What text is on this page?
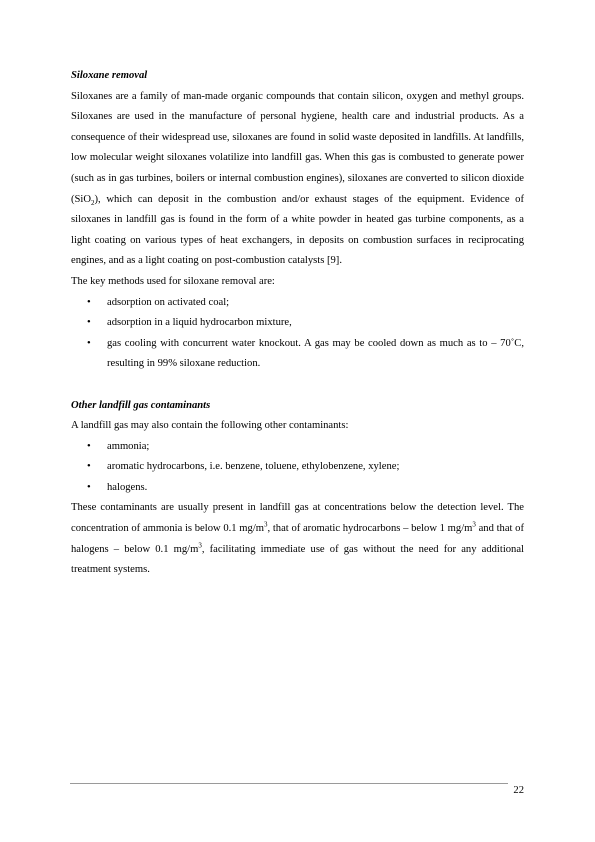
Siloxane removal

Siloxanes are a family of man-made organic compounds that contain silicon, oxygen and methyl groups. Siloxanes are used in the manufacture of personal hygiene, health care and industrial products. As a consequence of their widespread use, siloxanes are found in solid waste deposited in landfills. At landfills, low molecular weight siloxanes volatilize into landfill gas. When this gas is combusted to generate power (such as in gas turbines, boilers or internal combustion engines), siloxanes are converted to silicon dioxide (SiO$_2$), which can deposit in the combustion and/or exhaust stages of the equipment. Evidence of siloxanes in landfill gas is found in the form of a white powder in heated gas turbine components, as a light coating on various types of heat exchangers, in deposits on combustion surfaces in reciprocating engines, and as a light coating on post-combustion catalysts [9].

The key methods used for siloxane removal are:

• adsorption on activated coal;
• adsorption in a liquid hydrocarbon mixture,
• gas cooling with concurrent water knockout. A gas may be cooled down as much as to – 70˚C, resulting in 99% siloxane reduction.
Other landfill gas contaminants

A landfill gas may also contain the following other contaminants:

• ammonia;
• aromatic hydrocarbons, i.e. benzene, toluene, ethylobenzene, xylene;
• halogens.

These contaminants are usually present in landfill gas at concentrations below the detection level. The concentration of ammonia is below 0.1 $mg/m^3$, that of aromatic hydrocarbons – below 1 $mg/m^3$ and that of halogens – below 0.1 $mg/m^3$, facilitating immediate use of gas without the need for any additional treatment systems.

22
